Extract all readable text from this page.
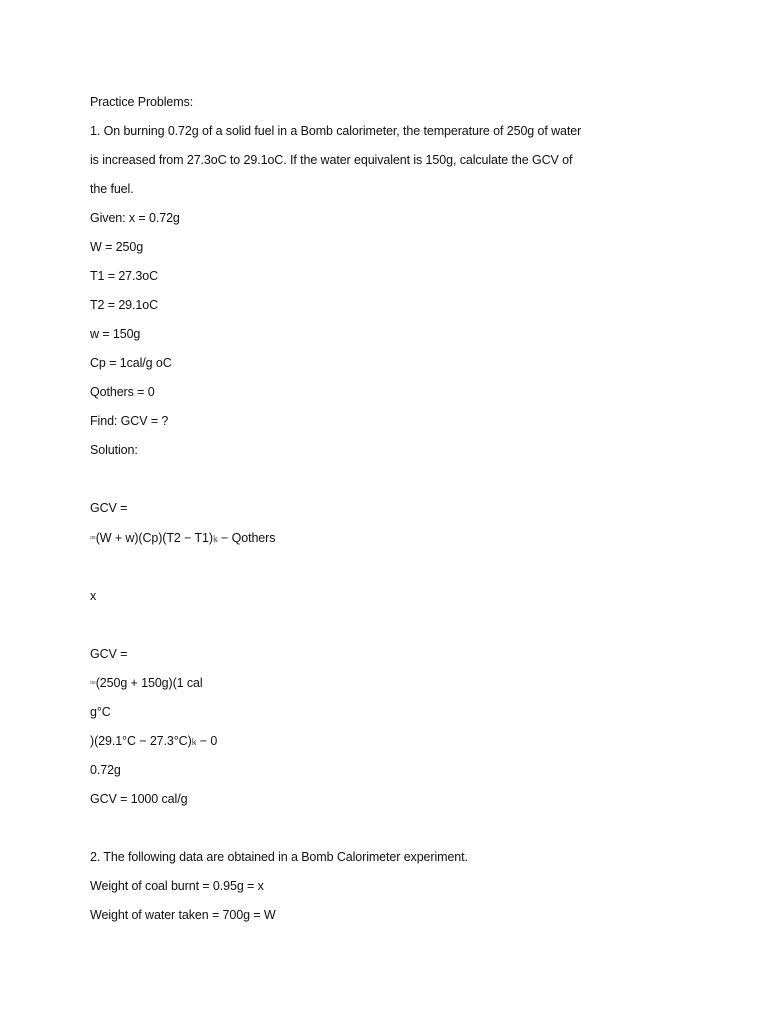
Practice Problems:
1. On burning 0.72g of a solid fuel in a Bomb calorimeter, the temperature of 250g of water
is increased from 27.3oC to 29.1oC. If the water equivalent is 150g, calculate the GCV of
the fuel.
Given: x = 0.72g
W = 250g
T1 = 27.3oC
T2 = 29.1oC
w = 150g
Cp = 1cal/g oC
Qothers = 0
Find: GCV = ?
Solution:
GCV =
ꟹ(W + w)(Cp)(T2 − T1)ꝃ − Qothers
x
GCV =
ꟹ(250g + 150g)(1 cal
g°C
)(29.1°C − 27.3°C)ꝃ − 0
0.72g
GCV = 1000 cal/g
2. The following data are obtained in a Bomb Calorimeter experiment.
Weight of coal burnt = 0.95g = x
Weight of water taken = 700g = W
